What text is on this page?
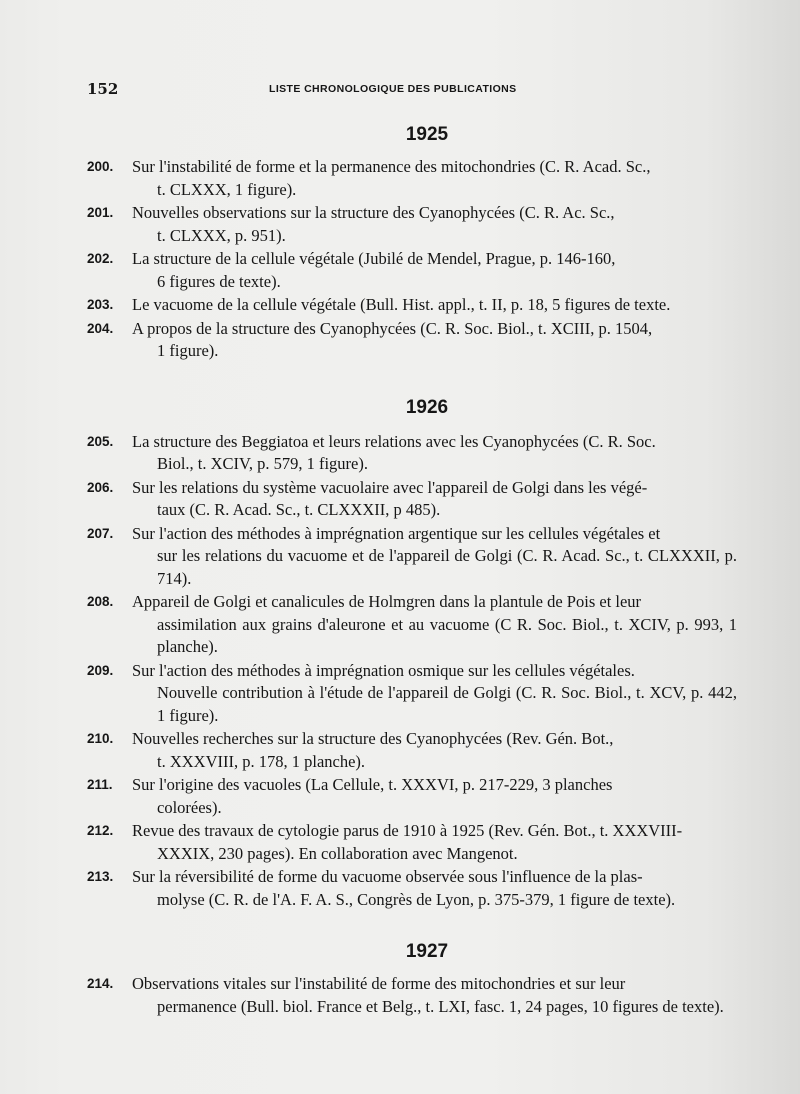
152	LISTE CHRONOLOGIQUE DES PUBLICATIONS
1925
200. Sur l'instabilité de forme et la permanence des mitochondries (C. R. Acad. Sc.,
t. CLXXX, 1 figure).
201. Nouvelles observations sur la structure des Cyanophycées (C. R. Ac. Sc.,
t. CLXXX, p. 951).
202. La structure de la cellule végétale (Jubilé de Mendel, Prague, p. 146-160,
6 figures de texte).
203. Le vacuome de la cellule végétale (Bull. Hist. appl., t. II, p. 18, 5 figures de texte.
204. A propos de la structure des Cyanophycées (C. R. Soc. Biol., t. XCIII, p. 1504,
1 figure).
1926
205. La structure des Beggiatoa et leurs relations avec les Cyanophycées (C. R. Soc.
Biol., t. XCIV, p. 579, 1 figure).
206. Sur les relations du système vacuolaire avec l'appareil de Golgi dans les végé-
taux (C. R. Acad. Sc., t. CLXXXII, p 485).
207. Sur l'action des méthodes à imprégnation argentique sur les cellules végétales et
sur les relations du vacuome et de l'appareil de Golgi (C. R. Acad. Sc., t. CLXXXII, p. 714).
208. Appareil de Golgi et canalicules de Holmgren dans la plantule de Pois et leur
assimilation aux grains d'aleurone et au vacuome (C R. Soc. Biol., t. XCIV, p. 993, 1 planche).
209. Sur l'action des méthodes à imprégnation osmique sur les cellules végétales.
Nouvelle contribution à l'étude de l'appareil de Golgi (C. R. Soc. Biol., t. XCV, p. 442, 1 figure).
210. Nouvelles recherches sur la structure des Cyanophycées (Rev. Gén. Bot.,
t. XXXVIII, p. 178, 1 planche).
211. Sur l'origine des vacuoles (La Cellule, t. XXXVI, p. 217-229, 3 planches
colorées).
212. Revue des travaux de cytologie parus de 1910 à 1925 (Rev. Gén. Bot., t. XXXVIII-
XXXIX, 230 pages). En collaboration avec Mangenot.
213. Sur la réversibilité de forme du vacuome observée sous l'influence de la plas-
molyse (C. R. de l'A. F. A. S., Congrès de Lyon, p. 375-379, 1 figure de texte).
1927
214. Observations vitales sur l'instabilité de forme des mitochondries et sur leur
permanence (Bull. biol. France et Belg., t. LXI, fasc. 1, 24 pages, 10 figures de texte).
